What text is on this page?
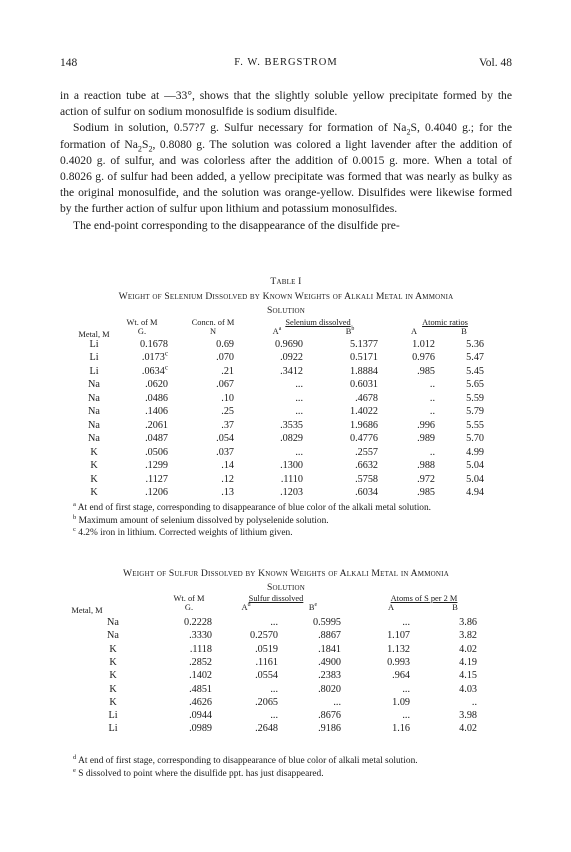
148	F. W. BERGSTROM	Vol. 48

in a reaction tube at —33°, shows that the slightly soluble yellow precipitate formed by the action of sulfur on sodium monosulfide is sodium disulfide.

Sodium in solution, 0.57?7 g. Sulfur necessary for formation of $Na_2S$, 0.4040 g.; for the formation of $Na_2S_2$, 0.8080 g. The solution was colored a light lavender after the addition of 0.4020 g. of sulfur, and was colorless after the addition of 0.0015 g. more. When a total of 0.8026 g. of sulfur had been added, a yellow precipitate was formed that was nearly as bulky as the original monosulfide, and the solution was orange-yellow. Disulfides were likewise formed by the further action of sulfur upon lithium and potassium monosulfides.

The end-point corresponding to the disappearance of the disulfide pre-

Table I
Weight of Selenium Dissolved by Known Weights of Alkali Metal in Ammonia
Solution
Wt. of M
G.
Concn. of M
N
Selenium dissolved
$A^a$	$B^b$
Atomic ratios
A	B
Metal, M
Li	0.1678	0.69	0.9690	5.1377	1.012	5.36
Li	.0173$^c$	.070	.0922	0.5171	0.976	5.47
Li	.0634$^c$	.21	.3412	1.8884	.985	5.45
Na	.0620	.067	...	0.6031	..	5.65
Na	.0486	.10	...	.4678	..	5.59
Na	.1406	.25	...	1.4022	..	5.79
Na	.2061	.37	.3535	1.9686	.996	5.55
Na	.0487	.054	.0829	0.4776	.989	5.70
K	.0506	.037	...	.2557	..	4.99
K	.1299	.14	.1300	.6632	.988	5.04
K	.1127	.12	.1110	.5758	.972	5.04
K	.1206	.13	.1203	.6034	.985	4.94
$^a$ At end of first stage, corresponding to disappearance of blue color of the alkali metal solution.
$^b$ Maximum amount of selenium dissolved by polyselenide solution.
$^c$ 4.2% iron in lithium. Corrected weights of lithium given.
Weight of Sulfur Dissolved by Known Weights of Alkali Metal in Ammonia
Solution
Wt. of M
G.
Sulfur dissolved
$A^d$	$B^e$
Atoms of S per 2 M
A	B
Metal, M
Na	0.2228	...	0.5995	...	3.86
Na	.3330	0.2570	.8867	1.107	3.82
K	.1118	.0519	.1841	1.132	4.02
K	.2852	.1161	.4900	0.993	4.19
K	.1402	.0554	.2383	.964	4.15
K	.4851	...	.8020	...	4.03
K	.4626	.2065	...	1.09	..
Li	.0944	...	.8676	...	3.98
Li	.0989	.2648	.9186	1.16	4.02
$^d$ At end of first stage, corresponding to disappearance of blue color of alkali metal solution.
$^e$ S dissolved to point where the disulfide ppt. has just disappeared.
